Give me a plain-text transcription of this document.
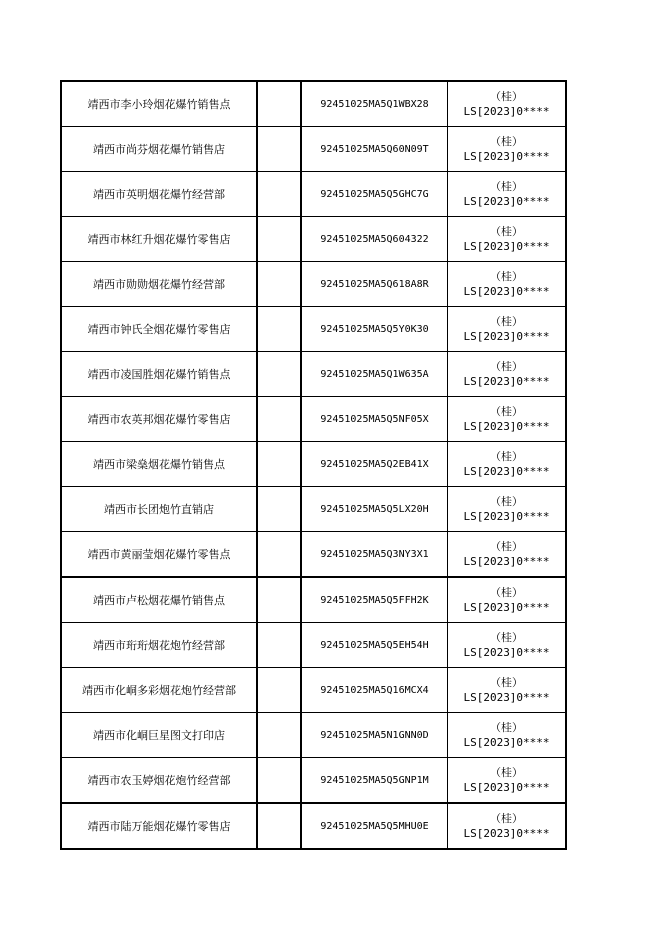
靖西市李小玲烟花爆竹销售点		92451025MA5Q1WBX28	（桂）
LS[2023]0****

靖西市尚芬烟花爆竹销售店		92451025MA5Q60N09T	（桂）
LS[2023]0****

靖西市英明烟花爆竹经营部		92451025MA5Q5GHC7G	（桂）
LS[2023]0****

靖西市林红升烟花爆竹零售店		92451025MA5Q604322	（桂）
LS[2023]0****

靖西市勋勋烟花爆竹经营部		92451025MA5Q618A8R	（桂）
LS[2023]0****

靖西市钟氏全烟花爆竹零售店		92451025MA5Q5Y0K30	（桂）
LS[2023]0****

靖西市凌国胜烟花爆竹销售点		92451025MA5Q1W635A	（桂）
LS[2023]0****

靖西市农英邦烟花爆竹零售店		92451025MA5Q5NF05X	（桂）
LS[2023]0****

靖西市梁燊烟花爆竹销售点		92451025MA5Q2EB41X	（桂）
LS[2023]0****

靖西市长团炮竹直销店		92451025MA5Q5LX20H	（桂）
LS[2023]0****

靖西市黄丽莹烟花爆竹零售点		92451025MA5Q3NY3X1	（桂）
LS[2023]0****

靖西市卢松烟花爆竹销售点		92451025MA5Q5FFH2K	（桂）
LS[2023]0****

靖西市珩珩烟花炮竹经营部		92451025MA5Q5EH54H	（桂）
LS[2023]0****

靖西市化峒多彩烟花炮竹经营部		92451025MA5Q16MCX4	（桂）
LS[2023]0****

靖西市化峒巨星图文打印店		92451025MA5N1GNN0D	（桂）
LS[2023]0****

靖西市农玉婷烟花炮竹经营部		92451025MA5Q5GNP1M	（桂）
LS[2023]0****

靖西市陆万能烟花爆竹零售店		92451025MA5Q5MHU0E	（桂）
LS[2023]0****
